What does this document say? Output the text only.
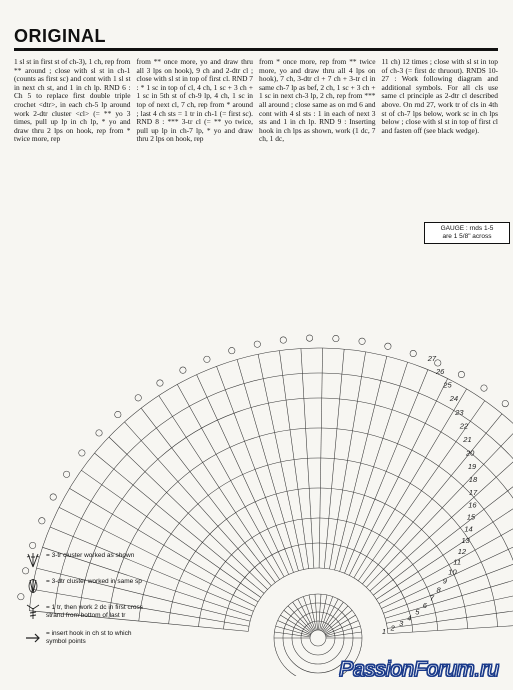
ORIGINAL
1 sl st in first st of ch-3), 1 ch, rep from ** around ; close with sl st in ch-1 (counts as first sc) and cont with 1 sl st in next ch st, and 1 in ch lp. RND 6 : Ch 5 to replace first double triple crochet <dtr>, in each ch-5 lp around work 2-dtr cluster <cl> (= ** yo 3 times, pull up lp in ch lp, * yo and draw thru 2 lps on hook, rep from * twice more, rep
from ** once more, yo and draw thru all 3 lps on hook), 9 ch and 2-dtr cl ; close with sl st in top of first cl. RND 7 : * 1 sc in top of cl, 4 ch, 1 sc + 3 ch + 1 sc in 5th st of ch-9 lp, 4 ch, 1 sc in top of next cl, 7 ch, rep from * around ; last 4 ch sts = 1 tr in ch-1 (= first sc). RND 8 : *** 3-tr cl (= ** yo twice, pull up lp in ch-7 lp, * yo and draw thru 2 lps on hook, rep
from * once more, rep from ** twice more, yo and draw thru all 4 lps on hook), 7 ch, 3-dtr cl + 7 ch + 3-tr cl in same ch-7 lp as bef, 2 ch, 1 sc + 3 ch + 1 sc in next ch-3 lp, 2 ch, rep from *** all around ; close same as on rnd 6 and cont with 4 sl sts : 1 in each of next 3 sts and 1 in ch lp. RND 9 : Inserting hook in ch lps as shown, work (1 dc, 7 ch, 1 dc,
11 ch) 12 times ; close with sl st in top of ch-3 (= first dc thruout). RNDS 10-27 : Work following diagram and additional symbols. For all cls use same cl principle as 2-dtr cl described above. On rnd 27, work tr of cls in 4th st of ch-7 lps below, work sc in ch lps below ; close with sl st in top of first cl and fasten off (see black wedge).
27
26
25
24
23
22
21
20
19
18
17
16
15
14
13
12
11
10
9
8
7
6
5
4
3
2
1
GAUGE : rnds 1-5
are 1 5/8" across
= 3-tr cluster worked as shown
= 3-dtr cluster worked in same sp
= 1 tr, then work 2 dc in first cross strand from bottom of last tr
= insert hook in ch st to which symbol points
PassionForum.ru
